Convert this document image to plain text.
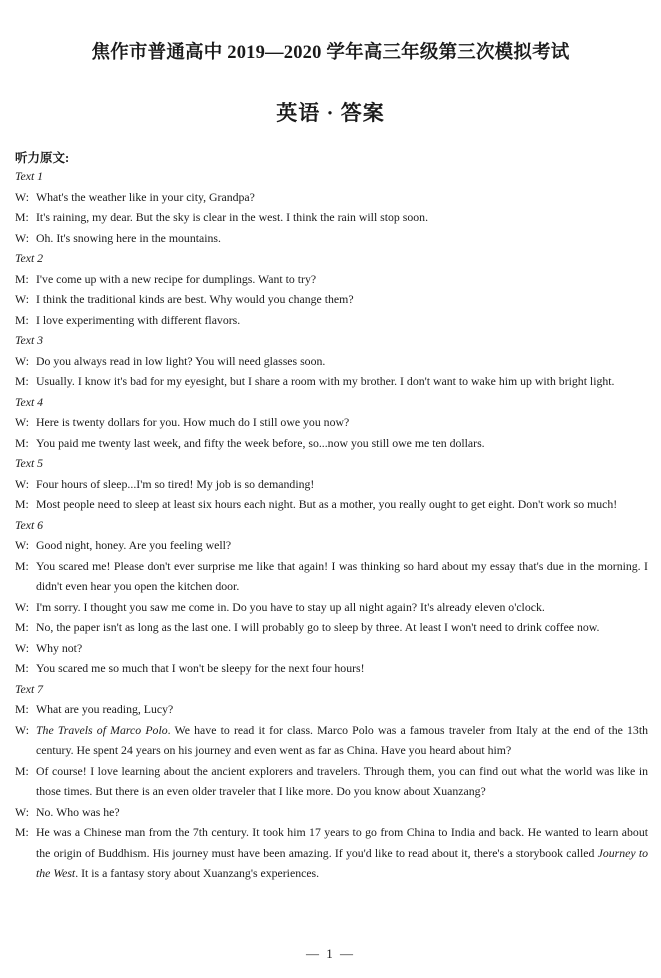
焦作市普通高中 2019—2020 学年高三年级第三次模拟考试
英语 · 答案
听力原文:
Text 1
W: What's the weather like in your city, Grandpa?
M: It's raining, my dear. But the sky is clear in the west. I think the rain will stop soon.
W: Oh. It's snowing here in the mountains.
Text 2
M: I've come up with a new recipe for dumplings. Want to try?
W: I think the traditional kinds are best. Why would you change them?
M: I love experimenting with different flavors.
Text 3
W: Do you always read in low light? You will need glasses soon.
M: Usually. I know it's bad for my eyesight, but I share a room with my brother. I don't want to wake him up with bright light.
Text 4
W: Here is twenty dollars for you. How much do I still owe you now?
M: You paid me twenty last week, and fifty the week before, so...now you still owe me ten dollars.
Text 5
W: Four hours of sleep...I'm so tired! My job is so demanding!
M: Most people need to sleep at least six hours each night. But as a mother, you really ought to get eight. Don't work so much!
Text 6
W: Good night, honey. Are you feeling well?
M: You scared me! Please don't ever surprise me like that again! I was thinking so hard about my essay that's due in the morning. I didn't even hear you open the kitchen door.
W: I'm sorry. I thought you saw me come in. Do you have to stay up all night again? It's already eleven o'clock.
M: No, the paper isn't as long as the last one. I will probably go to sleep by three. At least I won't need to drink coffee now.
W: Why not?
M: You scared me so much that I won't be sleepy for the next four hours!
Text 7
M: What are you reading, Lucy?
W: The Travels of Marco Polo. We have to read it for class. Marco Polo was a famous traveler from Italy at the end of the 13th century. He spent 24 years on his journey and even went as far as China. Have you heard about him?
M: Of course! I love learning about the ancient explorers and travelers. Through them, you can find out what the world was like in those times. But there is an even older traveler that I like more. Do you know about Xuanzang?
W: No. Who was he?
M: He was a Chinese man from the 7th century. It took him 17 years to go from China to India and back. He wanted to learn about the origin of Buddhism. His journey must have been amazing. If you'd like to read about it, there's a storybook called Journey to the West. It is a fantasy story about Xuanzang's experiences.
— 1 —
